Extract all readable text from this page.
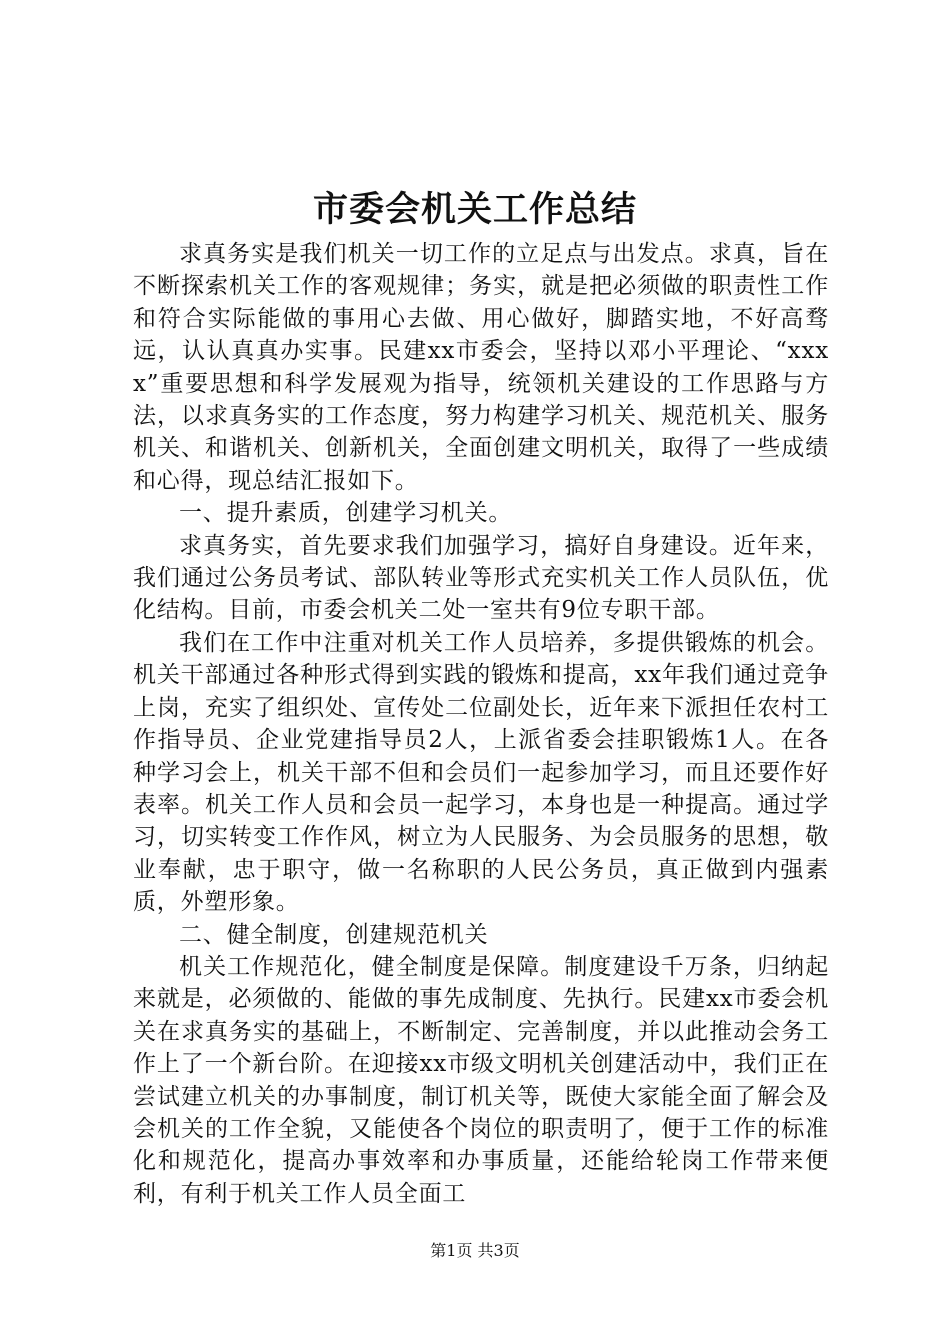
市委会机关工作总结

求真务实是我们机关一切工作的立足点与出发点。求真，旨在不断探索机关工作的客观规律；务实，就是把必须做的职责性工作和符合实际能做的事用心去做、用心做好，脚踏实地，不好高骛远，认认真真办实事。民建xx市委会，坚持以邓小平理论、“xxxx”重要思想和科学发展观为指导，统领机关建设的工作思路与方法，以求真务实的工作态度，努力构建学习机关、规范机关、服务机关、和谐机关、创新机关，全面创建文明机关，取得了一些成绩和心得，现总结汇报如下。

一、提升素质，创建学习机关。

求真务实，首先要求我们加强学习，搞好自身建设。近年来，我们通过公务员考试、部队转业等形式充实机关工作人员队伍，优化结构。目前，市委会机关二处一室共有9位专职干部。

我们在工作中注重对机关工作人员培养，多提供锻炼的机会。机关干部通过各种形式得到实践的锻炼和提高，xx年我们通过竞争上岗，充实了组织处、宣传处二位副处长，近年来下派担任农村工作指导员、企业党建指导员2人，上派省委会挂职锻炼1人。在各种学习会上，机关干部不但和会员们一起参加学习，而且还要作好表率。机关工作人员和会员一起学习，本身也是一种提高。通过学习，切实转变工作作风，树立为人民服务、为会员服务的思想，敬业奉献，忠于职守，做一名称职的人民公务员，真正做到内强素质，外塑形象。

二、健全制度，创建规范机关

机关工作规范化，健全制度是保障。制度建设千万条，归纳起来就是，必须做的、能做的事先成制度、先执行。民建xx市委会机关在求真务实的基础上，不断制定、完善制度，并以此推动会务工作上了一个新台阶。在迎接xx市级文明机关创建活动中，我们正在尝试建立机关的办事制度，制订机关等，既使大家能全面了解会及会机关的工作全貌，又能使各个岗位的职责明了，便于工作的标准化和规范化，提高办事效率和办事质量，还能给轮岗工作带来便利，有利于机关工作人员全面工

第1页 共3页
